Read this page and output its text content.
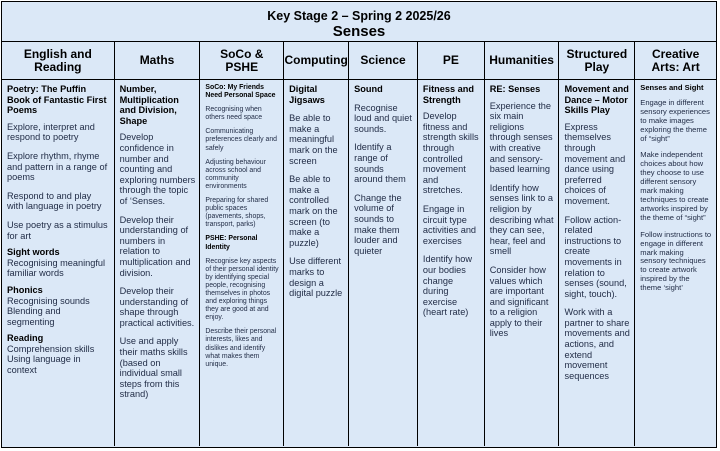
Key Stage 2 – Spring 2 2025/26
Senses
English and Reading
Poetry: The Puffin Book of Fantastic First Poems
Explore, interpret and respond to poetry
Explore rhythm, rhyme and pattern in a range of poems
Respond to and play with language in poetry
Use poetry as a stimulus for art
Sight words
Recognising meaningful familiar words
Phonics
Recognising sounds
Blending and segmenting
Reading
Comprehension skills
Using language in context
Maths
Number, Multiplication and Division, Shape
Develop confidence in number and counting and exploring numbers through the topic of ‘Senses.
Develop their understanding of numbers in relation to multiplication and division.
Develop their understanding of shape through practical activities.
Use and apply their maths skills (based on individual small steps from this strand)
SoCo & PSHE
SoCo: My Friends Need Personal Space
Recognising when others need space
Communicating preferences clearly and safely
Adjusting behaviour across school and community environments
Preparing for shared public spaces (pavements, shops, transport, parks)
PSHE: Personal Identity
Recognise key aspects of their personal identity by identifying special people, recognising themselves in photos and exploring things they are good at and enjoy.
Describe their personal interests, likes and dislikes and identify what makes them unique.
Computing
Digital Jigsaws
Be able to make a meaningful mark on the screen
Be able to make a controlled mark on the screen (to make a puzzle)
Use different marks to design a digital puzzle
Science
Sound
Recognise loud and quiet sounds.
Identify a range of sounds around them
Change the volume of sounds to make them louder and quieter
PE
Fitness and Strength
Develop fitness and strength skills through controlled movement and stretches.
Engage in circuit type activities and exercises
Identify how our bodies change during exercise (heart rate)
Humanities
RE: Senses
Experience the six main religions through senses with creative and sensory-based learning
Identify how senses link to a religion by describing what they can see, hear, feel and smell
Consider how values which are important and significant to a religion apply to their lives
Structured Play
Movement and Dance – Motor Skills Play
Express themselves through movement and dance using preferred choices of movement.
Follow action-related instructions to create movements in relation to senses (sound, sight, touch).
Work with a partner to share movements and actions, and extend movement sequences
Creative Arts: Art
Senses and Sight
Engage in different sensory experiences to make images exploring the theme of “sight”
Make independent choices about how they choose to use different sensory mark making techniques to create artworks inspired by the theme of “sight”
Follow instructions to engage in different mark making sensory techniques to create artwork inspired by the theme ‘sight’
